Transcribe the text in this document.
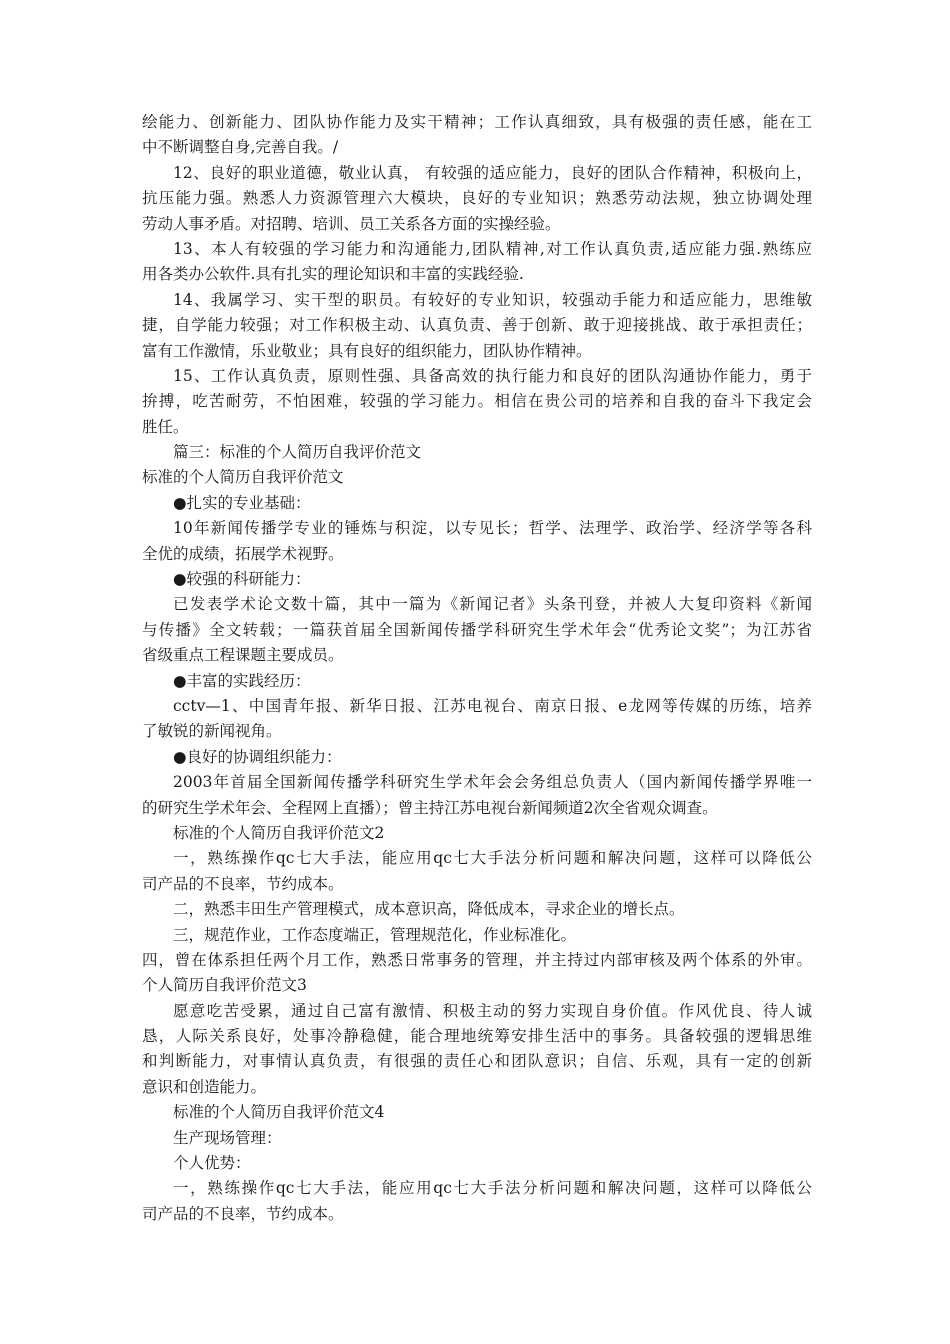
绘能力、创新能力、团队协作能力及实干精神；工作认真细致，具有极强的责任感，能在工
中不断调整自身,完善自我。/
12、良好的职业道德，敬业认真， 有较强的适应能力，良好的团队合作精神，积极向上，
抗压能力强。熟悉人力资源管理六大模块，良好的专业知识；熟悉劳动法规，独立协调处理
劳动人事矛盾。对招聘、培训、员工关系各方面的实操经验。
13、本人有较强的学习能力和沟通能力,团队精神,对工作认真负责,适应能力强.熟练应
用各类办公软件.具有扎实的理论知识和丰富的实践经验.
14、我属学习、实干型的职员。有较好的专业知识，较强动手能力和适应能力，思维敏
捷，自学能力较强；对工作积极主动、认真负责、善于创新、敢于迎接挑战、敢于承担责任；
富有工作激情，乐业敬业；具有良好的组织能力，团队协作精神。
15、工作认真负责，原则性强、具备高效的执行能力和良好的团队沟通协作能力，勇于
拚搏，吃苦耐劳，不怕困难，较强的学习能力。相信在贵公司的培养和自我的奋斗下我定会
胜任。
篇三：标准的个人简历自我评价范文
标准的个人简历自我评价范文
●扎实的专业基础：
10年新闻传播学专业的锤炼与积淀，以专见长；哲学、法理学、政治学、经济学等各科
全优的成绩，拓展学术视野。
●较强的科研能力：
已发表学术论文数十篇，其中一篇为《新闻记者》头条刊登，并被人大复印资料《新闻
与传播》全文转载；一篇获首届全国新闻传播学科研究生学术年会“优秀论文奖”；为江苏省
省级重点工程课题主要成员。
●丰富的实践经历：
cctv—1、中国青年报、新华日报、江苏电视台、南京日报、e龙网等传媒的历练，培养
了敏锐的新闻视角。
●良好的协调组织能力：
2003年首届全国新闻传播学科研究生学术年会会务组总负责人（国内新闻传播学界唯一
的研究生学术年会、全程网上直播）；曾主持江苏电视台新闻频道2次全省观众调查。
标准的个人简历自我评价范文2
一，熟练操作qc七大手法，能应用qc七大手法分析问题和解决问题，这样可以降低公
司产品的不良率，节约成本。
二，熟悉丰田生产管理模式，成本意识高，降低成本，寻求企业的增长点。
三，规范作业，工作态度端正，管理规范化，作业标准化。
四，曾在体系担任两个月工作，熟悉日常事务的管理，并主持过内部审核及两个体系的外审。
个人简历自我评价范文3
愿意吃苦受累，通过自己富有激情、积极主动的努力实现自身价值。作风优良、待人诚
恳，人际关系良好，处事冷静稳健，能合理地统筹安排生活中的事务。具备较强的逻辑思维
和判断能力，对事情认真负责，有很强的责任心和团队意识；自信、乐观，具有一定的创新
意识和创造能力。
标准的个人简历自我评价范文4
生产现场管理：
个人优势：
一，熟练操作qc七大手法，能应用qc七大手法分析问题和解决问题，这样可以降低公
司产品的不良率，节约成本。
